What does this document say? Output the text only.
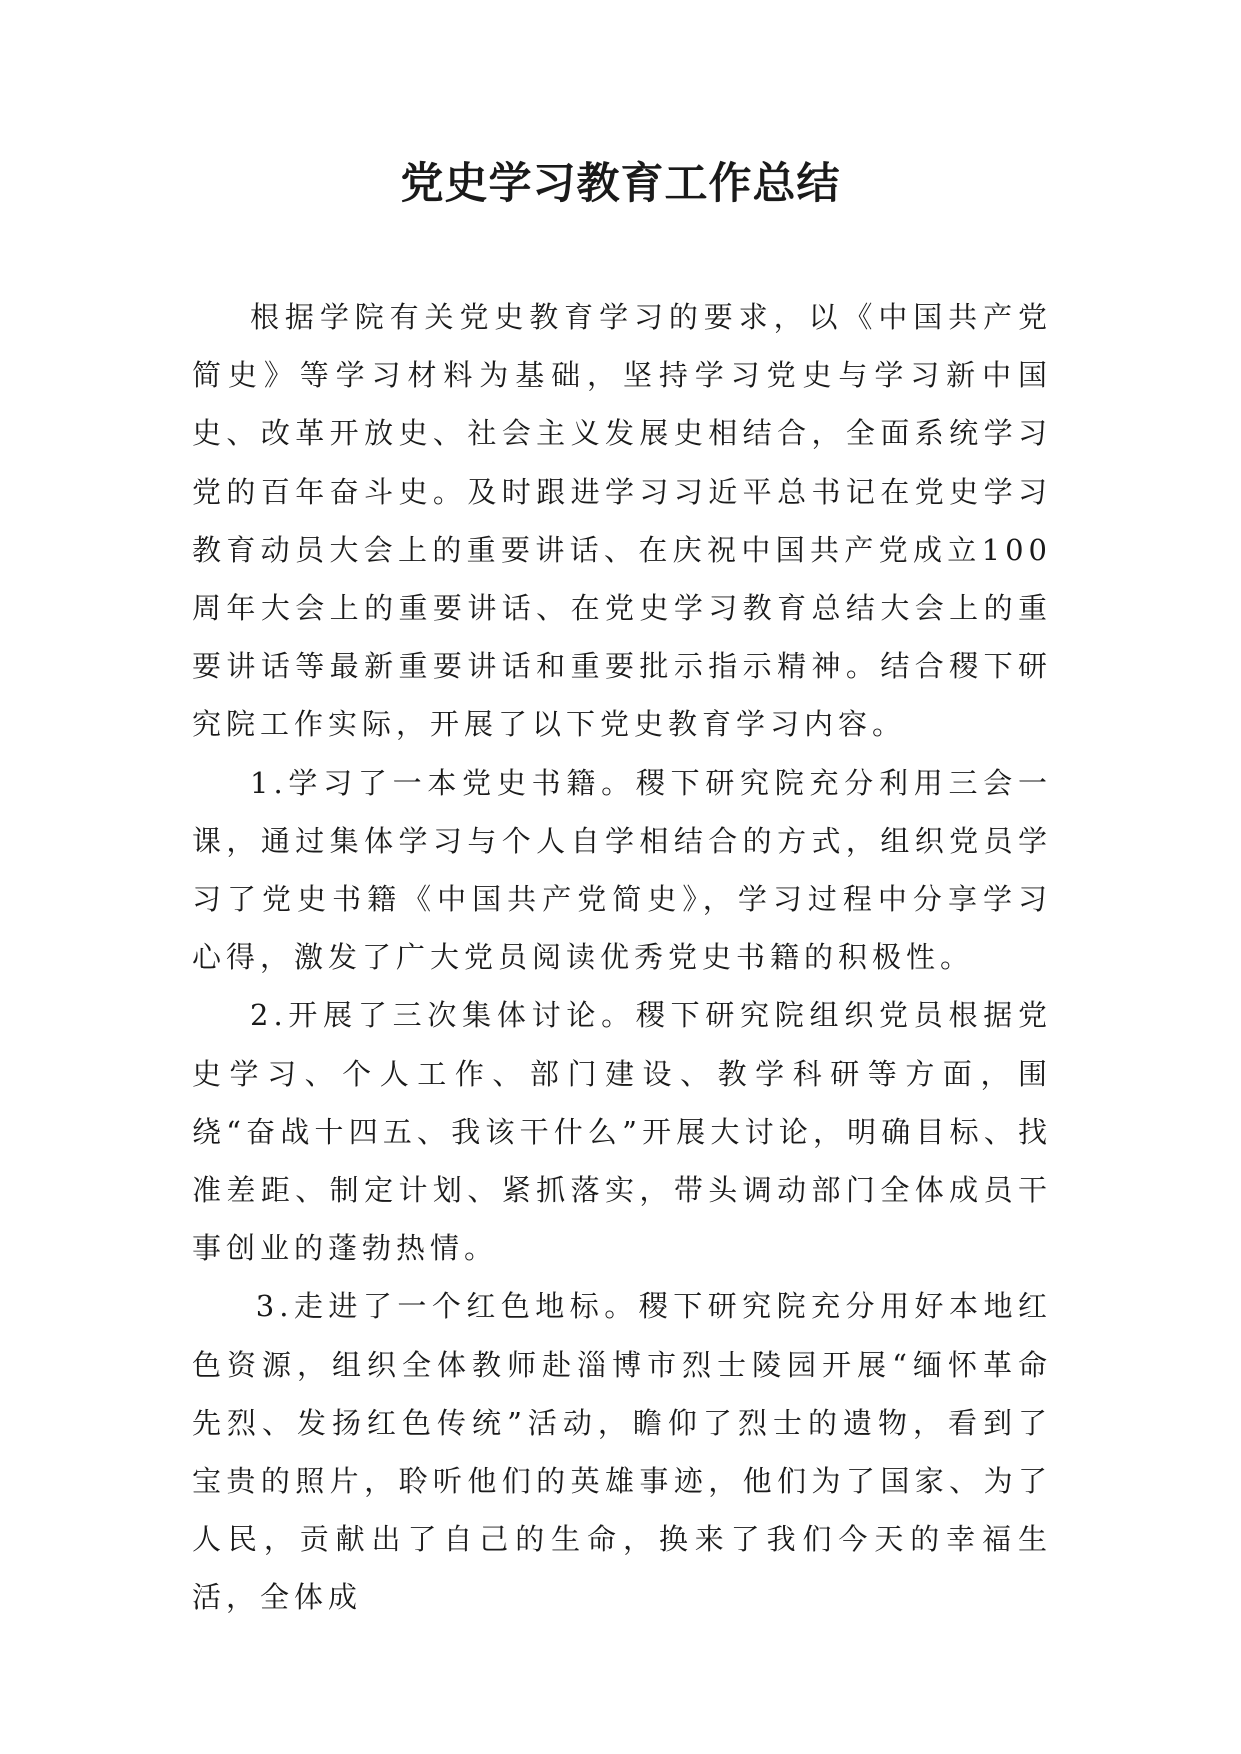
党史学习教育工作总结

根据学院有关党史教育学习的要求，以《中国共产党简史》等学习材料为基础，坚持学习党史与学习新中国史、改革开放史、社会主义发展史相结合，全面系统学习党的百年奋斗史。及时跟进学习习近平总书记在党史学习教育动员大会上的重要讲话、在庆祝中国共产党成立100周年大会上的重要讲话、在党史学习教育总结大会上的重要讲话等最新重要讲话和重要批示指示精神。结合稷下研究院工作实际，开展了以下党史教育学习内容。

1.学习了一本党史书籍。稷下研究院充分利用三会一课，通过集体学习与个人自学相结合的方式，组织党员学习了党史书籍《中国共产党简史》，学习过程中分享学习心得，激发了广大党员阅读优秀党史书籍的积极性。

2.开展了三次集体讨论。稷下研究院组织党员根据党史学习、个人工作、部门建设、教学科研等方面，围绕“奋战十四五、我该干什么”开展大讨论，明确目标、找准差距、制定计划、紧抓落实，带头调动部门全体成员干事创业的蓬勃热情。

3.走进了一个红色地标。稷下研究院充分用好本地红色资源，组织全体教师赴淄博市烈士陵园开展“缅怀革命先烈、发扬红色传统”活动，瞻仰了烈士的遗物，看到了宝贵的照片，聆听他们的英雄事迹，他们为了国家、为了人民，贡献出了自己的生命，换来了我们今天的幸福生活，全体成
